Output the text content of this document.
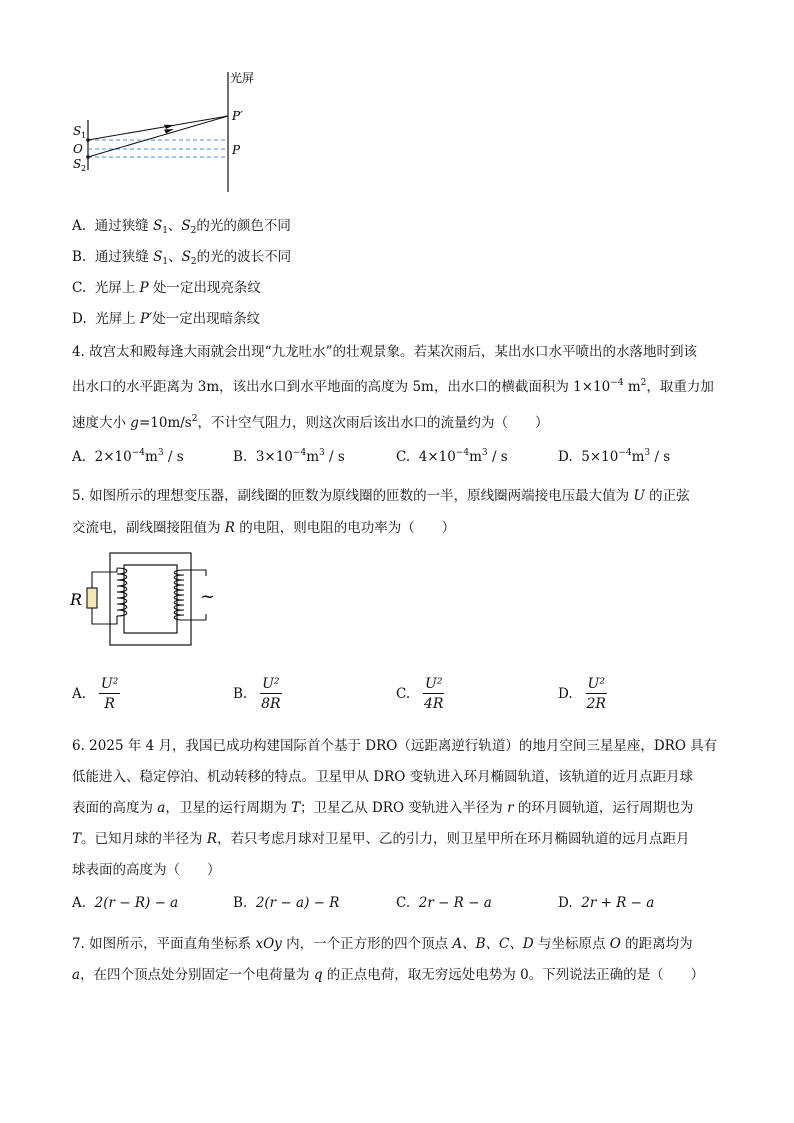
光屏
P′
P
S 1
O
S 2
A. 通过狭缝 $S_1$、$S_2$的光的颜色不同
B. 通过狭缝 $S_1$、$S_2$的光的波长不同
C. 光屏上 P 处一定出现亮条纹
D. 光屏上 P′处一定出现暗条纹
4. 故宫太和殿每逢大雨就会出现“九龙吐水”的壮观景象。若某次雨后，某出水口水平喷出的水落地时到该
出水口的水平距离为 3m，该出水口到水平地面的高度为 5m，出水口的横截面积为 $1\times 10^{-4}$ $m^2$，取重力加
速度大小 $g=10m/s^2$，不计空气阻力，则这次雨后该出水口的流量约为（　　）
A. $2\times 10^{-4}m^3 / s$	B. $3\times 10^{-4}m^3 / s$	C. $4\times 10^{-4}m^3 / s$	D. $5\times 10^{-4}m^3 / s$
5. 如图所示的理想变压器，副线圈的匝数为原线圈的匝数的一半，原线圈两端接电压最大值为 U 的正弦
交流电，副线圈接阻值为 R 的电阻，则电阻的电功率为（　　）
R	~
A. $\frac{\text{U²}}{R}$	B. $\frac{\text{U²}}{8R}$	C. $\frac{\text{U²}}{4R}$	D. $\frac{\text{U²}}{2R}$
6. 2025 年 4 月，我国已成功构建国际首个基于 DRO（远距离逆行轨道）的地月空间三星星座，DRO 具有
低能进入、稳定停泊、机动转移的特点。卫星甲从 DRO 变轨进入环月椭圆轨道，该轨道的近月点距月球
表面的高度为 a，卫星的运行周期为 T；卫星乙从 DRO 变轨进入半径为 r 的环月圆轨道，运行周期也为
T。已知月球的半径为 R，若只考虑月球对卫星甲、乙的引力，则卫星甲所在环月椭圆轨道的远月点距月
球表面的高度为（　　）
A. 2(r − R) − a	B. 2(r − a) − R	C. 2r − R − a	D. 2r + R − a
7. 如图所示，平面直角坐标系 xOy 内，一个正方形的四个顶点 A、B、C、D 与坐标原点 O 的距离均为
a，在四个顶点处分别固定一个电荷量为 q 的正点电荷，取无穷远处电势为 0。下列说法正确的是（　　）
